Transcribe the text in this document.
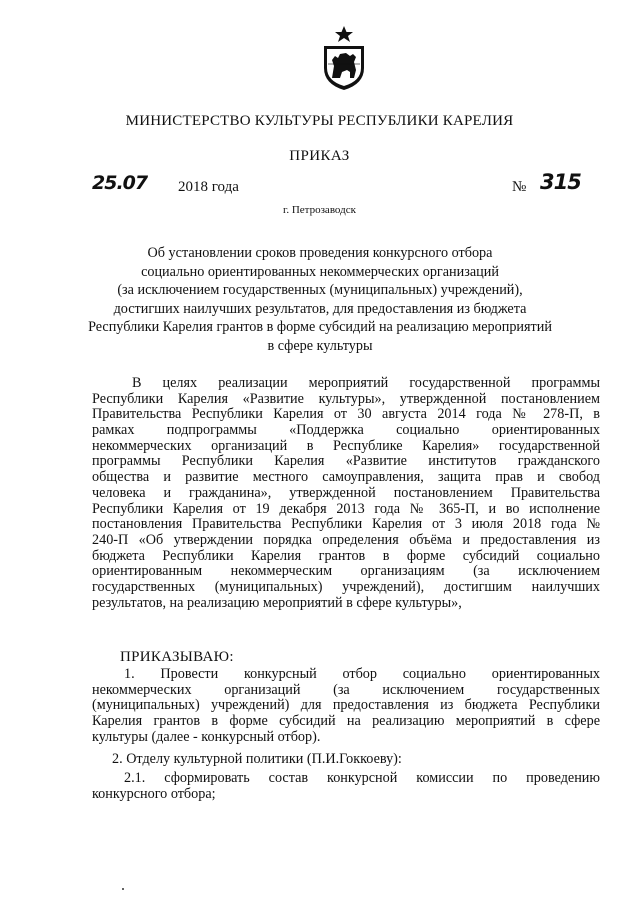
МИНИСТЕРСТВО КУЛЬТУРЫ РЕСПУБЛИКИ КАРЕЛИЯ
ПРИКАЗ
25.07 2018 года	№ 315
г. Петрозаводск
Об установлении сроков проведения конкурсного отбора
социально ориентированных некоммерческих организаций
(за исключением государственных (муниципальных) учреждений),
достигших наилучших результатов, для предоставления из бюджета
Республики Карелия грантов в форме субсидий на реализацию мероприятий
в сфере культуры
В целях реализации мероприятий государственной программы
Республики Карелия «Развитие культуры», утвержденной постановлением
Правительства Республики Карелия от 30 августа 2014 года № 278-П, в
рамках подпрограммы «Поддержка социально ориентированных
некоммерческих организаций в Республике Карелия» государственной
программы Республики Карелия «Развитие институтов гражданского
общества и развитие местного самоуправления, защита прав и свобод
человека и гражданина», утвержденной постановлением Правительства
Республики Карелия от 19 декабря 2013 года № 365-П, и во исполнение
постановления Правительства Республики Карелия от 3 июля 2018 года №
240-П «Об утверждении порядка определения объёма и предоставления из
бюджета Республики Карелия грантов в форме субсидий социально
ориентированным некоммерческим организациям (за исключением
государственных (муниципальных) учреждений), достигшим наилучших
результатов, на реализацию мероприятий в сфере культуры»,
ПРИКАЗЫВАЮ:
1. Провести конкурсный отбор социально ориентированных
некоммерческих организаций (за исключением государственных
(муниципальных) учреждений) для предоставления из бюджета Республики
Карелия грантов в форме субсидий на реализацию мероприятий в сфере
культуры (далее - конкурсный отбор).
2. Отделу культурной политики (П.И.Гоккоеву):
2.1. сформировать состав конкурсной комиссии по проведению
конкурсного отбора;
